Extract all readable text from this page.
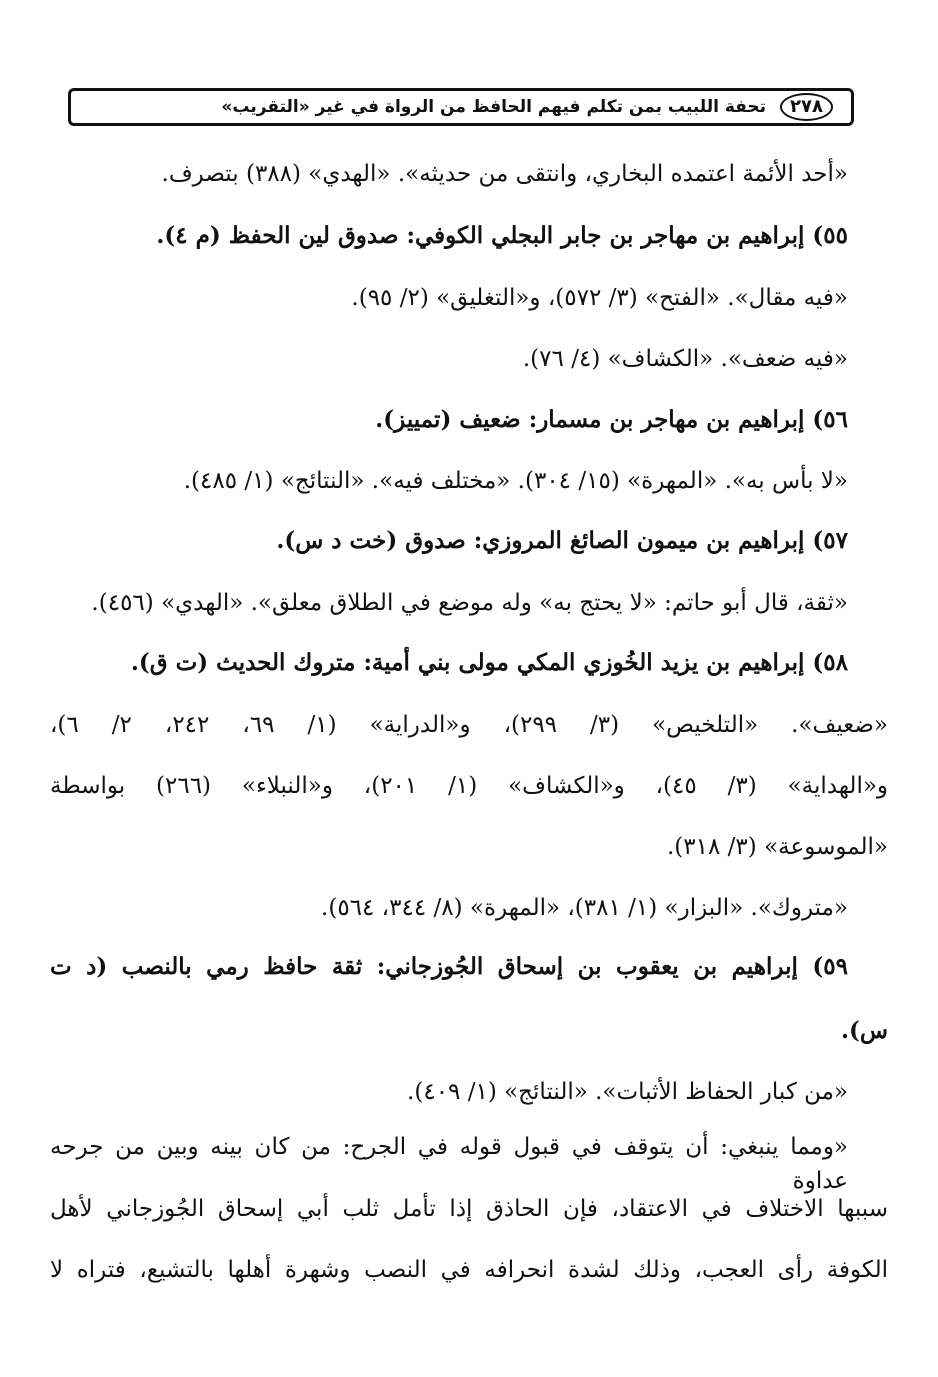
٢٧٨
تحفة اللبيب بمن تكلم فيهم الحافظ من الرواة في غير «التقريب»
«أحد الأئمة اعتمده البخاري، وانتقى من حديثه». «الهدي» (٣٨٨) بتصرف.
٥٥) إبراهيم بن مهاجر بن جابر البجلي الكوفي: صدوق لين الحفظ (م ٤).
«فيه مقال». «الفتح» (٣/ ٥٧٢)، و«التغليق» (٢/ ٩٥).
«فيه ضعف». «الكشاف» (٤/ ٧٦).
٥٦) إبراهيم بن مهاجر بن مسمار: ضعيف (تمييز).
«لا بأس به». «المهرة» (١٥/ ٣٠٤). «مختلف فيه». «النتائج» (١/ ٤٨٥).
٥٧) إبراهيم بن ميمون الصائغ المروزي: صدوق (خت د س).
«ثقة، قال أبو حاتم: «لا يحتج به» وله موضع في الطلاق معلق». «الهدي» (٤٥٦).
٥٨) إبراهيم بن يزيد الخُوزي المكي مولى بني أمية: متروك الحديث (ت ق).
«ضعيف». «التلخيص» (٣/ ٢٩٩)، و«الدراية» (١/ ٦٩، ٢٤٢، ٢/ ٦)،
و«الهداية» (٣/ ٤٥)، و«الكشاف» (١/ ٢٠١)، و«النبلاء» (٢٦٦) بواسطة
«الموسوعة» (٣/ ٣١٨).
«متروك». «البزار» (١/ ٣٨١)، «المهرة» (٨/ ٣٤٤، ٥٦٤).
٥٩) إبراهيم بن يعقوب بن إسحاق الجُوزجاني: ثقة حافظ رمي بالنصب (د ت
س).
«من كبار الحفاظ الأثبات». «النتائج» (١/ ٤٠٩).
«ومما ينبغي: أن يتوقف في قبول قوله في الجرح: من كان بينه وبين من جرحه عداوة
سببها الاختلاف في الاعتقاد، فإن الحاذق إذا تأمل ثلب أبي إسحاق الجُوزجاني لأهل
الكوفة رأى العجب، وذلك لشدة انحرافه في النصب وشهرة أهلها بالتشيع، فتراه لا
